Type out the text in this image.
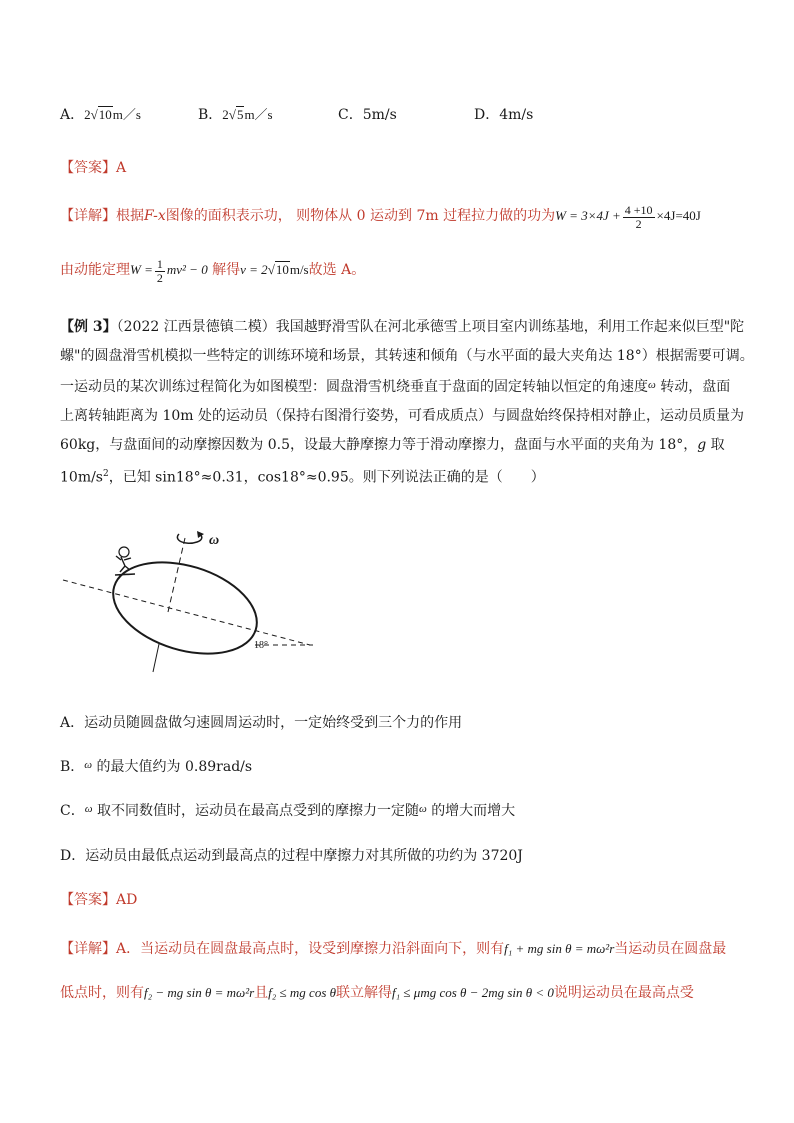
A．2√10m／s	B．2√5m／s	C．5m/s	D．4m/s
【答案】A
【详解】根据F-x图像的面积表示功， 则物体从 0 运动到 7m 过程拉力做的功为$W = 3\times 4J + \frac{4 +10}{2} \times 4J=40J$
由动能定理$W = \frac{1}{2} mv^2 - 0$ 解得v = 2√10m/s故选 A。
【例 3】（2022 江西景德镇二模）我国越野滑雪队在河北承德雪上项目室内训练基地，利用工作起来似巨型"陀
螺"的圆盘滑雪机模拟一些特定的训练环境和场景，其转速和倾角（与水平面的最大夹角达 18°）根据需要可调。
一运动员的某次训练过程简化为如图模型：圆盘滑雪机绕垂直于盘面的固定转轴以恒定的角速度$^\omega$ 转动，盘面
上离转轴距离为 10m 处的运动员（保持右图滑行姿势，可看成质点）与圆盘始终保持相对静止，运动员质量为
60kg，与盘面间的动摩擦因数为 0.5，设最大静摩擦力等于滑动摩擦力，盘面与水平面的夹角为 18°，g 取
$10m/s^2$，已知 sin18°≈0.31，cos18°≈0.95。则下列说法正确的是（　　）
ω
18°
A．运动员随圆盘做匀速圆周运动时，一定始终受到三个力的作用
B．$^\omega$ 的最大值约为 0.89rad/s
C．$^\omega$ 取不同数值时，运动员在最高点受到的摩擦力一定随$^\omega$ 的增大而增大
D．运动员由最低点运动到最高点的过程中摩擦力对其所做的功约为 3720J
【答案】AD
【详解】A．当运动员在圆盘最高点时，设受到摩擦力沿斜面向下，则有f₁ + mg sin θ = mω²r当运动员在圆盘最
低点时，则有f₂ − mg sin θ = mω²r且f₂ ≤ mg cos θ联立解得f₁ ≤ μmg cos θ − 2mg sin θ < 0说明运动员在最高点受
